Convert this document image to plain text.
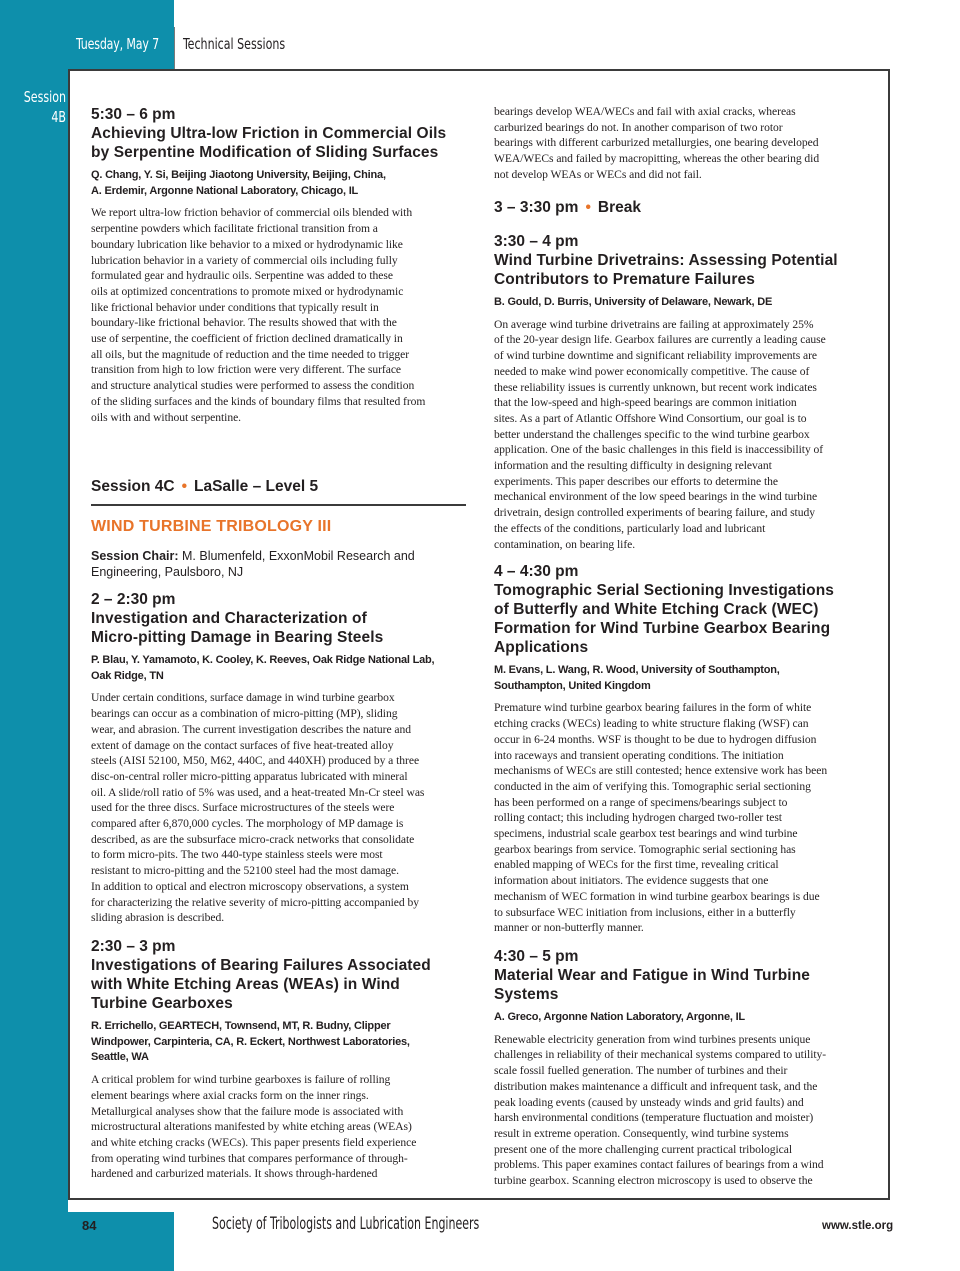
Tuesday, May 7 Technical Sessions
Session
4B 5:30 – 6 pm
Achieving Ultra-low Friction in Commercial Oils
by Serpentine Modification of Sliding Surfaces
Q. Chang, Y. Si, Beijing Jiaotong University, Beijing, China,
A. Erdemir, Argonne National Laboratory, Chicago, IL
We report ultra-low friction behavior of commercial oils blended with
serpentine powders which facilitate frictional transition from a
boundary lubrication like behavior to a mixed or hydrodynamic like
lubrication behavior in a variety of commercial oils including fully
formulated gear and hydraulic oils. Serpentine was added to these
oils at optimized concentrations to promote mixed or hydrodynamic
like frictional behavior under conditions that typically result in
boundary-like frictional behavior. The results showed that with the
use of serpentine, the coefficient of friction declined dramatically in
all oils, but the magnitude of reduction and the time needed to trigger
transition from high to low friction were very different. The surface
and structure analytical studies were performed to assess the condition
of the sliding surfaces and the kinds of boundary films that resulted from
oils with and without serpentine.
Session 4C • LaSalle – Level 5
WIND TURBINE TRIBOLOGY III
Session Chair: M. Blumenfeld, ExxonMobil Research and
Engineering, Paulsboro, NJ
2 – 2:30 pm
Investigation and Characterization of
Micro-pitting Damage in Bearing Steels
P. Blau, Y. Yamamoto, K. Cooley, K. Reeves, Oak Ridge National Lab,
Oak Ridge, TN
Under certain conditions, surface damage in wind turbine gearbox
bearings can occur as a combination of micro-pitting (MP), sliding
wear, and abrasion. The current investigation describes the nature and
extent of damage on the contact surfaces of five heat-treated alloy
steels (AISI 52100, M50, M62, 440C, and 440XH) produced by a three
disc-on-central roller micro-pitting apparatus lubricated with mineral
oil. A slide/roll ratio of 5% was used, and a heat-treated Mn-Cr steel was
used for the three discs. Surface microstructures of the steels were
compared after 6,870,000 cycles. The morphology of MP damage is
described, as are the subsurface micro-crack networks that consolidate
to form micro-pits. The two 440-type stainless steels were most
resistant to micro-pitting and the 52100 steel had the most damage.
In addition to optical and electron microscopy observations, a system
for characterizing the relative severity of micro-pitting accompanied by
sliding abrasion is described.
2:30 – 3 pm
Investigations of Bearing Failures Associated
with White Etching Areas (WEAs) in Wind
Turbine Gearboxes
R. Errichello, GEARTECH, Townsend, MT, R. Budny, Clipper
Windpower, Carpinteria, CA, R. Eckert, Northwest Laboratories,
Seattle, WA
A critical problem for wind turbine gearboxes is failure of rolling
element bearings where axial cracks form on the inner rings.
Metallurgical analyses show that the failure mode is associated with
microstructural alterations manifested by white etching areas (WEAs)
and white etching cracks (WECs). This paper presents field experience
from operating wind turbines that compares performance of through-
hardened and carburized materials. It shows through-hardened
bearings develop WEA/WECs and fail with axial cracks, whereas
carburized bearings do not. In another comparison of two rotor
bearings with different carburized metallurgies, one bearing developed
WEA/WECs and failed by macropitting, whereas the other bearing did
not develop WEAs or WECs and did not fail.
3 – 3:30 pm • Break
3:30 – 4 pm
Wind Turbine Drivetrains: Assessing Potential
Contributors to Premature Failures
B. Gould, D. Burris, University of Delaware, Newark, DE
On average wind turbine drivetrains are failing at approximately 25%
of the 20-year design life. Gearbox failures are currently a leading cause
of wind turbine downtime and significant reliability improvements are
needed to make wind power economically competitive. The cause of
these reliability issues is currently unknown, but recent work indicates
that the low-speed and high-speed bearings are common initiation
sites. As a part of Atlantic Offshore Wind Consortium, our goal is to
better understand the challenges specific to the wind turbine gearbox
application. One of the basic challenges in this field is inaccessibility of
information and the resulting difficulty in designing relevant
experiments. This paper describes our efforts to determine the
mechanical environment of the low speed bearings in the wind turbine
drivetrain, design controlled experiments of bearing failure, and study
the effects of the conditions, particularly load and lubricant
contamination, on bearing life.
4 – 4:30 pm
Tomographic Serial Sectioning Investigations
of Butterfly and White Etching Crack (WEC)
Formation for Wind Turbine Gearbox Bearing
Applications
M. Evans, L. Wang, R. Wood, University of Southampton,
Southampton, United Kingdom
Premature wind turbine gearbox bearing failures in the form of white
etching cracks (WECs) leading to white structure flaking (WSF) can
occur in 6-24 months. WSF is thought to be due to hydrogen diffusion
into raceways and transient operating conditions. The initiation
mechanisms of WECs are still contested; hence extensive work has been
conducted in the aim of verifying this. Tomographic serial sectioning
has been performed on a range of specimens/bearings subject to
rolling contact; this including hydrogen charged two-roller test
specimens, industrial scale gearbox test bearings and wind turbine
gearbox bearings from service. Tomographic serial sectioning has
enabled mapping of WECs for the first time, revealing critical
information about initiators. The evidence suggests that one
mechanism of WEC formation in wind turbine gearbox bearings is due
to subsurface WEC initiation from inclusions, either in a butterfly
manner or non-butterfly manner.
4:30 – 5 pm
Material Wear and Fatigue in Wind Turbine
Systems
A. Greco, Argonne Nation Laboratory, Argonne, IL
Renewable electricity generation from wind turbines presents unique
challenges in reliability of their mechanical systems compared to utility-
scale fossil fuelled generation. The number of turbines and their
distribution makes maintenance a difficult and infrequent task, and the
peak loading events (caused by unsteady winds and grid faults) and
harsh environmental conditions (temperature fluctuation and moister)
result in extreme operation. Consequently, wind turbine systems
present one of the more challenging current practical tribological
problems. This paper examines contact failures of bearings from a wind
turbine gearbox. Scanning electron microscopy is used to observe the
84	Society of Tribologists and Lubrication Engineers	www.stle.org
